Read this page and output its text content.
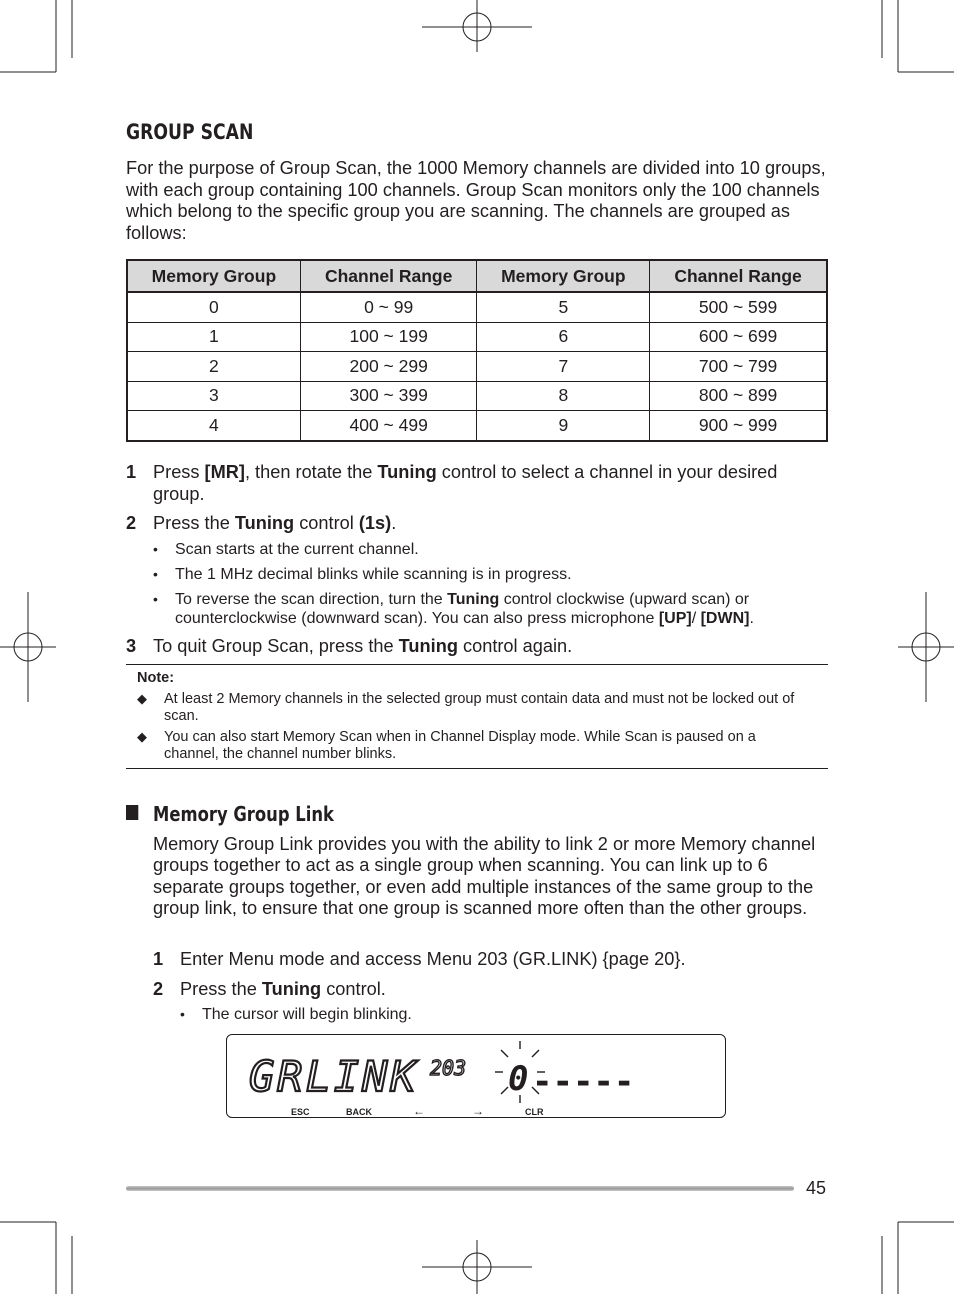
GROUP SCAN
For the purpose of Group Scan, the 1000 Memory channels are divided into 10 groups, with each group containing 100 channels. Group Scan monitors only the 100 channels which belong to the specific group you are scanning. The channels are grouped as follows:
Memory Group	Channel Range	Memory Group	Channel Range
0	0 ~ 99	5	500 ~ 599
1	100 ~ 199	6	600 ~ 699
2	200 ~ 299	7	700 ~ 799
3	300 ~ 399	8	800 ~ 899
4	400 ~ 499	9	900 ~ 999
1 Press [MR], then rotate the Tuning control to select a channel in your desired group.
2 Press the Tuning control (1s).
• Scan starts at the current channel.
• The 1 MHz decimal blinks while scanning is in progress.
• To reverse the scan direction, turn the Tuning control clockwise (upward scan) or counterclockwise (downward scan). You can also press microphone [UP]/ [DWN].
3 To quit Group Scan, press the Tuning control again.
Note:
◆ At least 2 Memory channels in the selected group must contain data and must not be locked out of scan.
◆ You can also start Memory Scan when in Channel Display mode. While Scan is paused on a channel, the channel number blinks.
Memory Group Link
Memory Group Link provides you with the ability to link 2 or more Memory channel groups together to act as a single group when scanning. You can link up to 6 separate groups together, or even add multiple instances of the same group to the group link, to ensure that one group is scanned more often than the other groups.
1 Enter Menu mode and access Menu 203 (GR.LINK) {page 20}.
2 Press the Tuning control.
• The cursor will begin blinking.
GRLINK 203 0 -----
ESC	BACK	←	→	CLR
45
